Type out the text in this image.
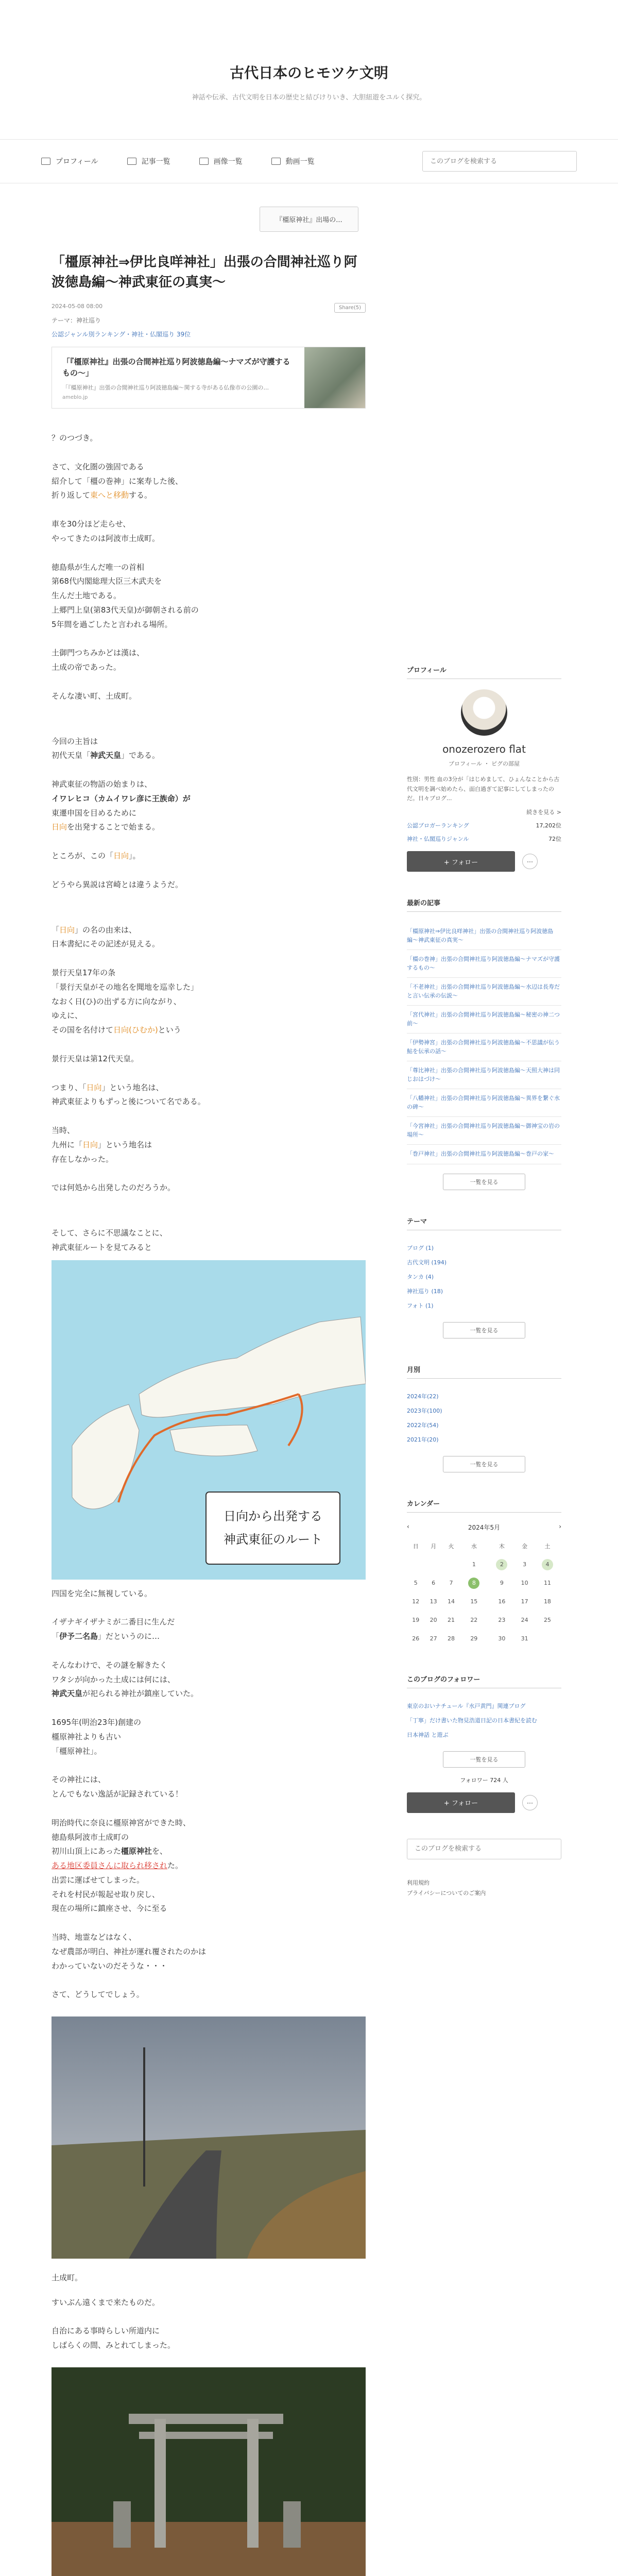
古代日本のヒモツケ文明
神話や伝承、古代文明を日本の歴史と結びけりいき、大胆紐遊をユルく探究。
プロフィール	記事一覧	画像一覧	動画一覧
このブログを検索する
『橿原神社』出場の...
「橿原神社⇒伊比良咩神社」出張の合間神社巡り阿波徳島編〜神武東征の真実〜
2024-05-08 08:00	Share(5)
テーマ：神社巡り
公認ジャンル別ランキング・神社・仏閣巡り 39位
「『橿原神社』出張の合間神社巡り阿波徳島編〜ナマズが守護するもの〜」
「『橿原神社』出張の合間神社巡り阿波徳島編〜関する寺がある仏像市の公園の...
ameblo.jp

？のつづき。

さて、文化圏の強固である
紹介して「橿の巻神」に案寿した後、
折り返して東へと移動する。

車を30分ほど走らせ、
やってきたのは阿波市土成町。

徳島県が生んだ唯一の首相
第68代内閣総理大臣三木武夫を
生んだ土地である。
上郷門上皇(第83代天皇)が御朝される前の
5年間を過ごしたと言われる場所。

土御門つちみかどは漢は、
土成の帝であった。

そんな凄い町、土成町。

今回の主旨は
初代天皇「神武天皇」である。

神武東征の物語の始まりは、
イワレヒコ（カムイワレ彦に王族命）が
東遷申国を目めるために
日向を出発することで始まる。

ところが、この「日向」。

どうやら異説は宮崎とは違うようだ。

「日向」の名の由来は、
日本書紀にその記述が見える。

景行天皇17年の条
「景行天皇がその地名を聞地を巡幸した」
なおく日(ひ)の出ずる方に向ながり、
ゆえに、
その国を名付けて日向(ひむか)という

景行天皇は第12代天皇。

つまり、「日向」という地名は、
神武東征よりもずっと後について名である。

当時、
九州に「日向」という地名は
存在しなかった。

では何処から出発したのだろうか。

そして、さらに不思議なことに、
神武東征ルートを見てみると

日向から出発する
神武東征のルート

四国を完全に無視している。

イザナギイザナミが二番目に生んだ
「伊予二名島」だというのに…

そんなわけで、その謎を解きたく
ワタシが向かった土成には何には、
神武天皇が祀られる神社が鎮座していた。

1695年(明治23年)創建の
橿原神社よりも古い
「橿原神社」。

その神社には、
とんでもない逸話が記録されている！

明治時代に奈良に橿原神宮ができた時、
徳島県阿波市土成町の
初川山頂上にあった橿原神社を、
ある地区委員さんに取られ移された。
出雲に運ばせてしまった。
それを村民が報起せ取り戻し、
現在の場所に鎮座させ、今に至る

当時、地霊などはなく、
なぜ農部が明白、神社が運れ覆されたのかは
わかっていないのだそうな・・・

さて、どうしてでしょう。

土成町。

すいぶん遠くまで来たものだ。

自治にある事時らしい所道内に
しばらくの間、みとれてしまった。

プロフィール
onozerozero flat
プロフィール ・ ピグの部屋
性別：男性 血の3分が「はじめまして、ひょんなことから古代文明を調べ始めたら、面白過ぎて記事にしてしまったのだ。日々ブログ...
続きを見る >
公認ブロガーランキング	17,202位
神社・仏閣巡りジャンル	72位
+ フォロー	···
最新の記事
「橿原神社⇒伊比良咩神社」出張の合間神社巡り阿波徳島編〜神武東征の真実〜
「橿の巻神」出張の合間神社巡り阿波徳島編〜ナマズが守護するもの〜
「不老神社」出張の合間神社巡り阿波徳島編〜水辺は長寿だと言い伝承の伝説〜
「宮代神社」出張の合間神社巡り阿波徳島編〜秘密の神二つ前〜
「伊勢神宮」出張の合間神社巡り阿波徳島編〜不思議が伝う鮎を伝承の話〜
「尊比神社」出張の合間神社巡り阿波徳島編〜天照大神は同じおはづけ〜
「八幡神社」出張の合間神社巡り阿波徳島編〜異界を繋ぐ水の碑〜
「今宮神社」出張の合間神社巡り阿波徳島編〜御神宝の岩の場所〜
「巻戸神社」出張の合間神社巡り阿波徳島編〜巻戸の家〜
一覧を見る
テーマ
ブログ (1)
古代文明 (194)
タンカ (4)
神社巡り (18)
フォト (1)
一覧を見る
月別
2024年(22)
2023年(100)
2022年(54)
2021年(20)
一覧を見る
カレンダー
‹	2024年5月	›
日	月	火	水	木	金	土
			1	2	3	4
5	6	7	8	9	10	11
12	13	14	15	16	17	18
19	20	21	22	23	24	25
26	27	28	29	30	31	
このブログのフォロワー
東京のおいナチュール『水戸黄門』関連ブログ
「丁寧」だけ書いた物見浩道日記の日本書紀を読む
日本神話 と遊ぶ
一覧を見る
フォロワー 724 人
+ フォロー	···
このブログを検索する
利用規約
プライバシーについてのご案内
